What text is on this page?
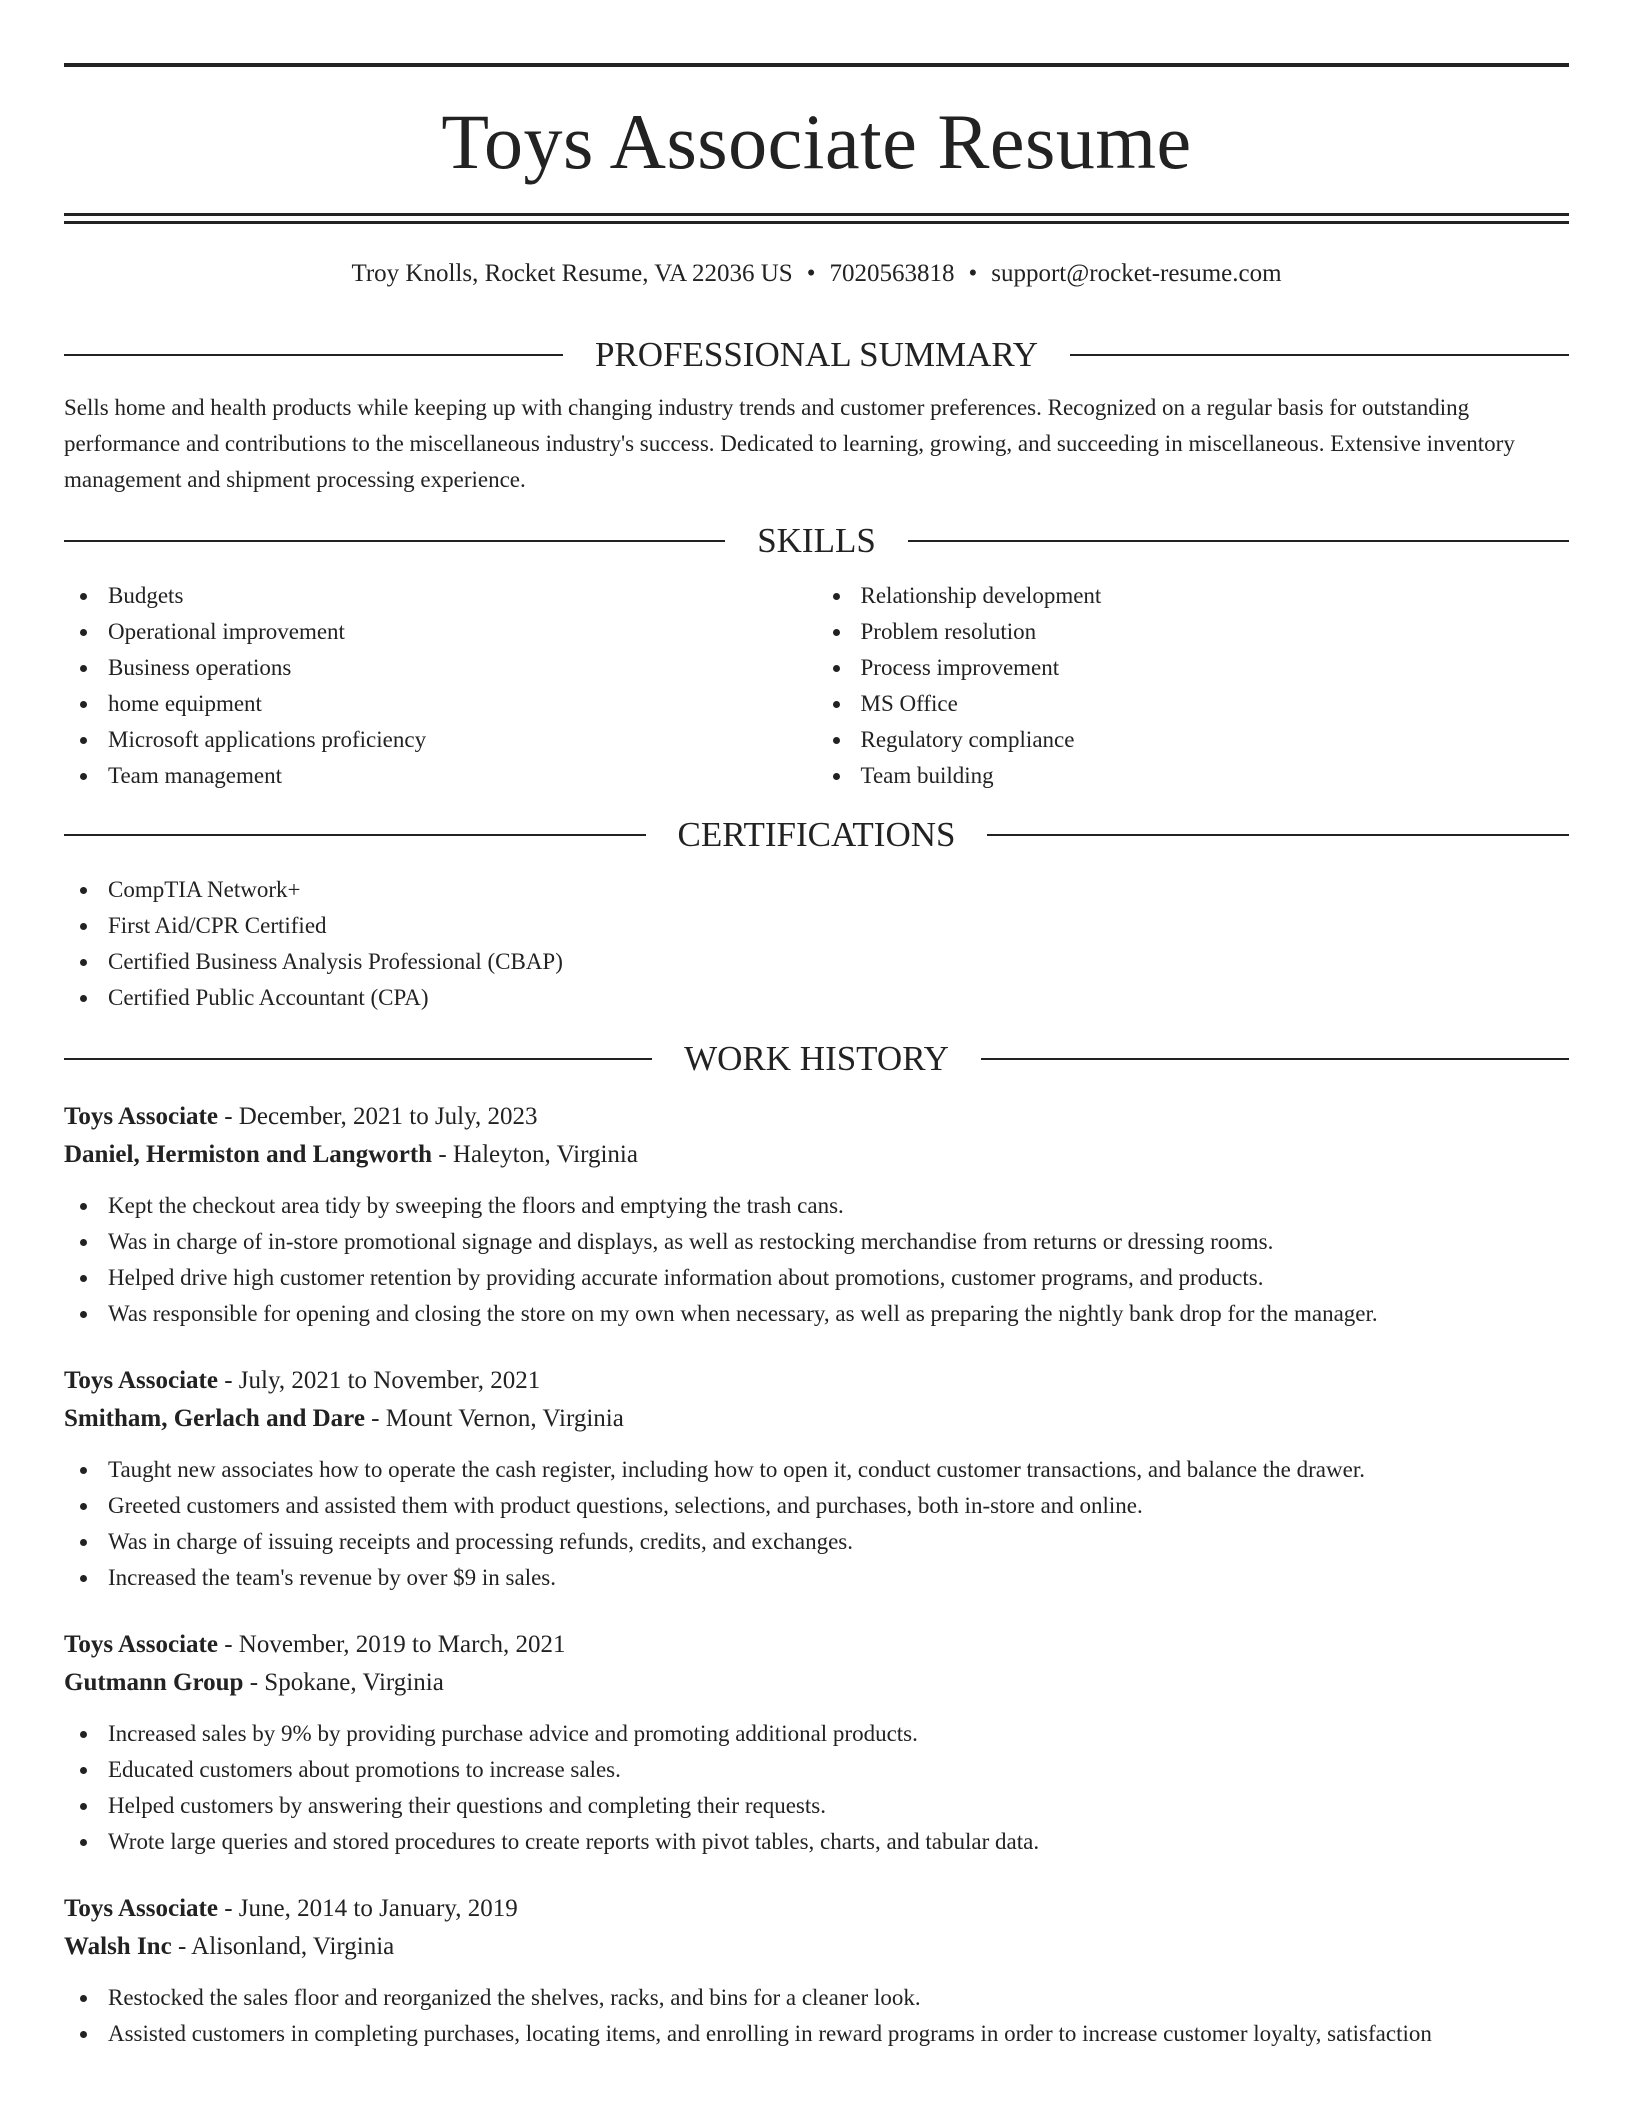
Toys Associate Resume
Troy Knolls, Rocket Resume, VA 22036 US • 7020563818 • support@rocket-resume.com
PROFESSIONAL SUMMARY

Sells home and health products while keeping up with changing industry trends and customer preferences. Recognized on a regular basis for outstanding performance and contributions to the miscellaneous industry's success. Dedicated to learning, growing, and succeeding in miscellaneous. Extensive inventory management and shipment processing experience.

SKILLS
Budgets
Operational improvement
Business operations
home equipment
Microsoft applications proficiency
Team management
Relationship development
Problem resolution
Process improvement
MS Office
Regulatory compliance
Team building
CERTIFICATIONS
CompTIA Network+
First Aid/CPR Certified
Certified Business Analysis Professional (CBAP)
Certified Public Accountant (CPA)
WORK HISTORY
Toys Associate - December, 2021 to July, 2023
Daniel, Hermiston and Langworth - Haleyton, Virginia
Kept the checkout area tidy by sweeping the floors and emptying the trash cans.
Was in charge of in-store promotional signage and displays, as well as restocking merchandise from returns or dressing rooms.
Helped drive high customer retention by providing accurate information about promotions, customer programs, and products.
Was responsible for opening and closing the store on my own when necessary, as well as preparing the nightly bank drop for the manager.
Toys Associate - July, 2021 to November, 2021
Smitham, Gerlach and Dare - Mount Vernon, Virginia
Taught new associates how to operate the cash register, including how to open it, conduct customer transactions, and balance the drawer.
Greeted customers and assisted them with product questions, selections, and purchases, both in-store and online.
Was in charge of issuing receipts and processing refunds, credits, and exchanges.
Increased the team's revenue by over $9 in sales.
Toys Associate - November, 2019 to March, 2021
Gutmann Group - Spokane, Virginia
Increased sales by 9% by providing purchase advice and promoting additional products.
Educated customers about promotions to increase sales.
Helped customers by answering their questions and completing their requests.
Wrote large queries and stored procedures to create reports with pivot tables, charts, and tabular data.
Toys Associate - June, 2014 to January, 2019
Walsh Inc - Alisonland, Virginia
Restocked the sales floor and reorganized the shelves, racks, and bins for a cleaner look.
Assisted customers in completing purchases, locating items, and enrolling in reward programs in order to increase customer loyalty, satisfaction
